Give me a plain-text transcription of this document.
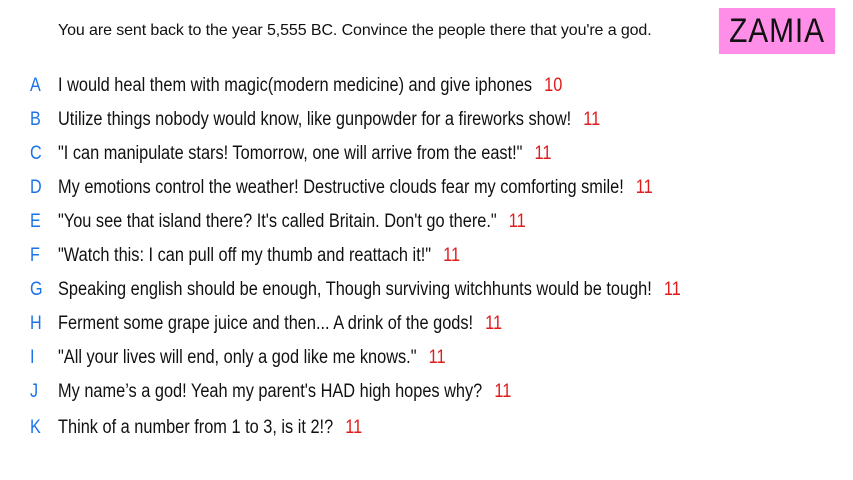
You are sent back to the year 5,555 BC. Convince the people there that you're a god. ZAMIA
A I would heal them with magic(modern medicine) and give iphones 10
B Utilize things nobody would know, like gunpowder for a fireworks show! 11
C "I can manipulate stars! Tomorrow, one will arrive from the east!" 11
D My emotions control the weather! Destructive clouds fear my comforting smile! 11
E "You see that island there? It's called Britain. Don't go there." 11
F "Watch this: I can pull off my thumb and reattach it!" 11
G Speaking english should be enough, Though surviving witchhunts would be tough! 11
H Ferment some grape juice and then... A drink of the gods! 11
I	"All your lives will end, only a god like me knows." 11
J	My name’s a god! Yeah my parent's HAD high hopes why? 11
K Think of a number from 1 to 3, is it 2!? 11
